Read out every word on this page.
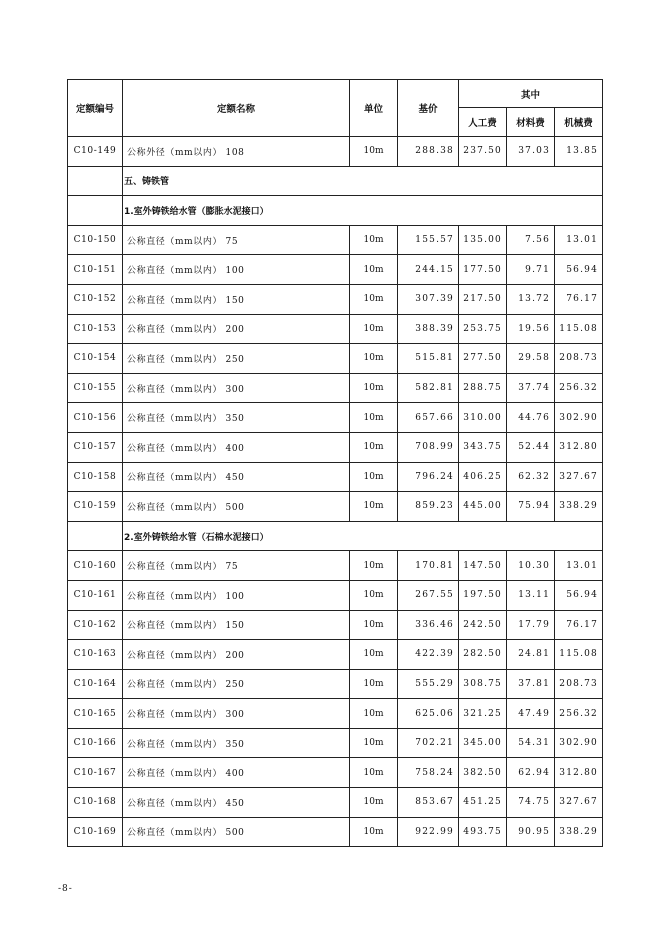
定额编号	定额名称	单位	基价	其中		
				人工费	材料费	机械费
C10-149	公称外径（mm以内） 108	10m	288.38	237.50	37.03	13.85
	五、铸铁管					
	1.室外铸铁给水管（膨胀水泥接口）					
C10-150	公称直径（mm以内） 75	10m	155.57	135.00	7.56	13.01
C10-151	公称直径（mm以内） 100	10m	244.15	177.50	9.71	56.94
C10-152	公称直径（mm以内） 150	10m	307.39	217.50	13.72	76.17
C10-153	公称直径（mm以内） 200	10m	388.39	253.75	19.56	115.08
C10-154	公称直径（mm以内） 250	10m	515.81	277.50	29.58	208.73
C10-155	公称直径（mm以内） 300	10m	582.81	288.75	37.74	256.32
C10-156	公称直径（mm以内） 350	10m	657.66	310.00	44.76	302.90
C10-157	公称直径（mm以内） 400	10m	708.99	343.75	52.44	312.80
C10-158	公称直径（mm以内） 450	10m	796.24	406.25	62.32	327.67
C10-159	公称直径（mm以内） 500	10m	859.23	445.00	75.94	338.29
	2.室外铸铁给水管（石棉水泥接口）					
C10-160	公称直径（mm以内） 75	10m	170.81	147.50	10.30	13.01
C10-161	公称直径（mm以内） 100	10m	267.55	197.50	13.11	56.94
C10-162	公称直径（mm以内） 150	10m	336.46	242.50	17.79	76.17
C10-163	公称直径（mm以内） 200	10m	422.39	282.50	24.81	115.08
C10-164	公称直径（mm以内） 250	10m	555.29	308.75	37.81	208.73
C10-165	公称直径（mm以内） 300	10m	625.06	321.25	47.49	256.32
C10-166	公称直径（mm以内） 350	10m	702.21	345.00	54.31	302.90
C10-167	公称直径（mm以内） 400	10m	758.24	382.50	62.94	312.80
C10-168	公称直径（mm以内） 450	10m	853.67	451.25	74.75	327.67
C10-169	公称直径（mm以内） 500	10m	922.99	493.75	90.95	338.29
-8-
